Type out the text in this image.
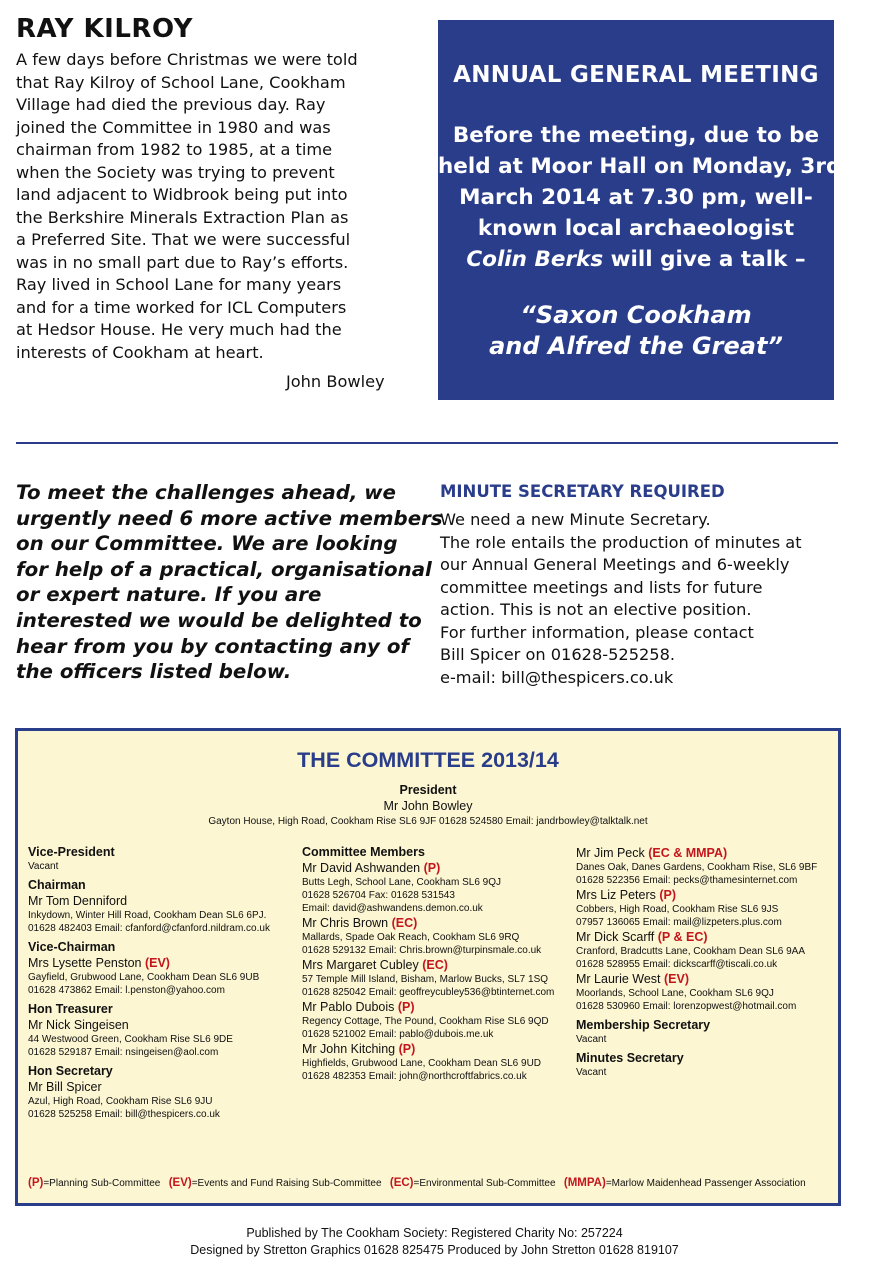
RAY KILROY
A few days before Christmas we were told
that Ray Kilroy of School Lane, Cookham
Village had died the previous day. Ray
joined the Committee in 1980 and was
chairman from 1982 to 1985, at a time
when the Society was trying to prevent
land adjacent to Widbrook being put into
the Berkshire Minerals Extraction Plan as
a Preferred Site. That we were successful
was in no small part due to Ray’s efforts.
Ray lived in School Lane for many years
and for a time worked for ICL Computers
at Hedsor House. He very much had the
interests of Cookham at heart.
John Bowley
ANNUAL GENERAL MEETING
Before the meeting, due to be
held at Moor Hall on Monday, 3rd
March 2014 at 7.30 pm, well-
known local archaeologist
Colin Berks will give a talk –
“Saxon Cookham
and Alfred the Great”
To meet the challenges ahead, we
urgently need 6 more active members
on our Committee. We are looking
for help of a practical, organisational
or expert nature. If you are
interested we would be delighted to
hear from you by contacting any of
the officers listed below.
MINUTE SECRETARY REQUIRED
We need a new Minute Secretary.
The role entails the production of minutes at
our Annual General Meetings and 6-weekly
committee meetings and lists for future
action. This is not an elective position.
For further information, please contact
Bill Spicer on 01628-525258.
e-mail: bill@thespicers.co.uk
THE COMMITTEE 2013/14
President
Mr John Bowley
Gayton House, High Road, Cookham Rise SL6 9JF 01628 524580 Email: jandrbowley@talktalk.net
Vice-President
Vacant
Chairman
Mr Tom Denniford
Inkydown, Winter Hill Road, Cookham Dean SL6 6PJ.
01628 482403 Email: cfanford@cfanford.nildram.co.uk
Vice-Chairman
Mrs Lysette Penston (EV)
Gayfield, Grubwood Lane, Cookham Dean SL6 9UB
01628 473862 Email: l.penston@yahoo.com
Hon Treasurer
Mr Nick Singeisen
44 Westwood Green, Cookham Rise SL6 9DE
01628 529187 Email: nsingeisen@aol.com
Hon Secretary
Mr Bill Spicer
Azul, High Road, Cookham Rise SL6 9JU
01628 525258 Email: bill@thespicers.co.uk
Committee Members
Mr David Ashwanden (P)
Butts Legh, School Lane, Cookham SL6 9QJ
01628 526704 Fax: 01628 531543
Email: david@ashwandens.demon.co.uk
Mr Chris Brown (EC)
Mallards, Spade Oak Reach, Cookham SL6 9RQ
01628 529132 Email: Chris.brown@turpinsmale.co.uk
Mrs Margaret Cubley (EC)
57 Temple Mill Island, Bisham, Marlow Bucks, SL7 1SQ
01628 825042 Email: geoffreycubley536@btinternet.com
Mr Pablo Dubois (P)
Regency Cottage, The Pound, Cookham Rise SL6 9QD
01628 521002 Email: pablo@dubois.me.uk
Mr John Kitching (P)
Highfields, Grubwood Lane, Cookham Dean SL6 9UD
01628 482353 Email: john@northcroftfabrics.co.uk
Mr Jim Peck (EC & MMPA)
Danes Oak, Danes Gardens, Cookham Rise, SL6 9BF
01628 522356 Email: pecks@thamesinternet.com
Mrs Liz Peters (P)
Cobbers, High Road, Cookham Rise SL6 9JS
07957 136065 Email: mail@lizpeters.plus.com
Mr Dick Scarff (P & EC)
Cranford, Bradcutts Lane, Cookham Dean SL6 9AA
01628 528955 Email: dickscarff@tiscali.co.uk
Mr Laurie West (EV)
Moorlands, School Lane, Cookham SL6 9QJ
01628 530960 Email: lorenzopwest@hotmail.com
Membership Secretary
Vacant
Minutes Secretary
Vacant
(P)=Planning Sub-Committee (EV)=Events and Fund Raising Sub-Committee (EC)=Environmental Sub-Committee (MMPA)=Marlow Maidenhead Passenger Association
Published by The Cookham Society: Registered Charity No: 257224
Designed by Stretton Graphics 01628 825475 Produced by John Stretton 01628 819107
